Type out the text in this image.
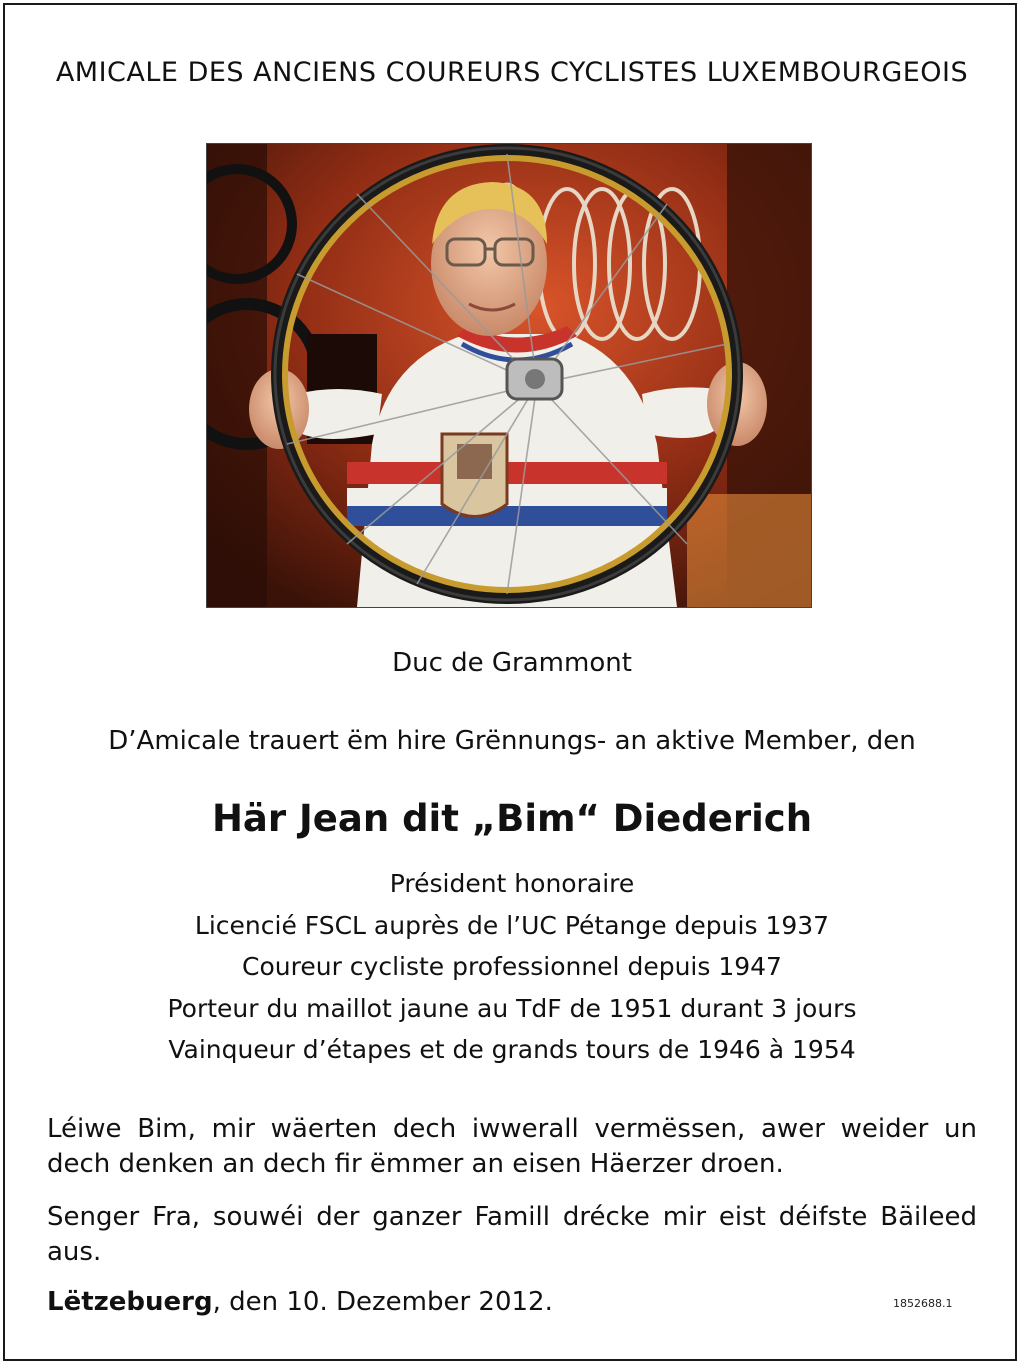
AMICALE DES ANCIENS COUREURS CYCLISTES LUXEMBOURGEOIS
Duc de Grammont
D’Amicale trauert ëm hire Grënnungs- an aktive Member, den
Här Jean dit „Bim“ Diederich
Président honoraire
Licencié FSCL auprès de l’UC Pétange depuis 1937
Coureur cycliste professionnel depuis 1947
Porteur du maillot jaune au TdF de 1951 durant 3 jours
Vainqueur d’étapes et de grands tours de 1946 à 1954
Léiwe Bim, mir wäerten dech iwwerall vermëssen, awer weider un dech denken an dech fir ëmmer an eisen Häerzer droen.
Senger Fra, souwéi der ganzer Famill drécke mir eist déifste Bäileed aus.
Lëtzebuerg, den 10. Dezember 2012.	1852688.1
